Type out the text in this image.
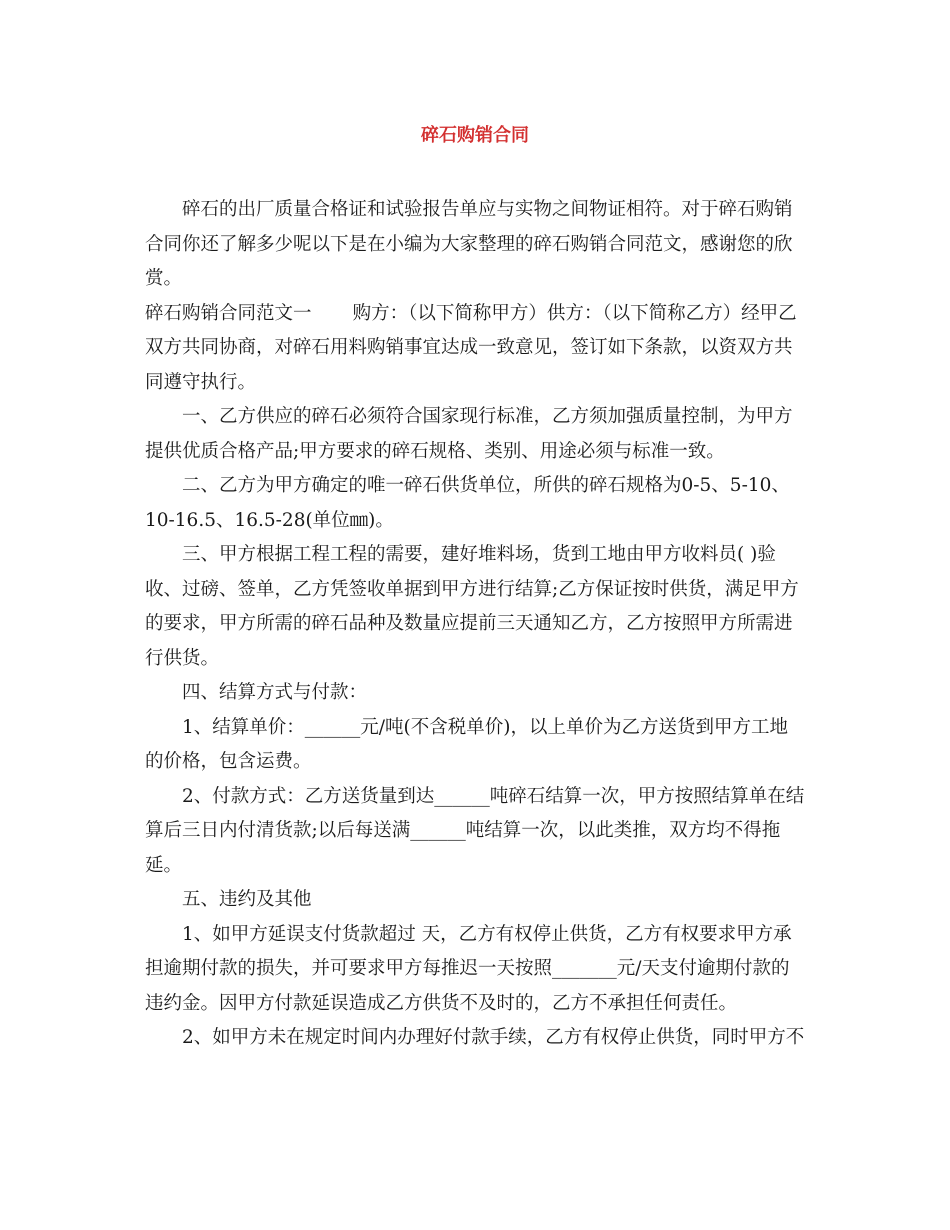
碎石购销合同
碎石的出厂质量合格证和试验报告单应与实物之间物证相符。对于碎石购销
合同你还了解多少呢以下是在小编为大家整理的碎石购销合同范文，感谢您的欣
赏。
碎石购销合同范文一       购方：（以下简称甲方）供方：（以下简称乙方）经甲乙
双方共同协商，对碎石用料购销事宜达成一致意见，签订如下条款，以资双方共
同遵守执行。
一、乙方供应的碎石必须符合国家现行标准，乙方须加强质量控制，为甲方
提供优质合格产品;甲方要求的碎石规格、类别、用途必须与标准一致。
二、乙方为甲方确定的唯一碎石供货单位，所供的碎石规格为0-5、5-10、
10-16.5、16.5-28(单位㎜)。
三、甲方根据工程工程的需要，建好堆料场，货到工地由甲方收料员( )验
收、过磅、签单，乙方凭签收单据到甲方进行结算;乙方保证按时供货，满足甲方
的要求，甲方所需的碎石品种及数量应提前三天通知乙方，乙方按照甲方所需进
行供货。
四、结算方式与付款：
1、结算单价：______元/吨(不含税单价)，以上单价为乙方送货到甲方工地
的价格，包含运费。
2、付款方式：乙方送货量到达______吨碎石结算一次，甲方按照结算单在结
算后三日内付清货款;以后每送满______吨结算一次，以此类推，双方均不得拖
延。
五、违约及其他
1、如甲方延误支付货款超过 天，乙方有权停止供货，乙方有权要求甲方承
担逾期付款的损失，并可要求甲方每推迟一天按照_______元/天支付逾期付款的
违约金。因甲方付款延误造成乙方供货不及时的，乙方不承担任何责任。
2、如甲方未在规定时间内办理好付款手续，乙方有权停止供货，同时甲方不
